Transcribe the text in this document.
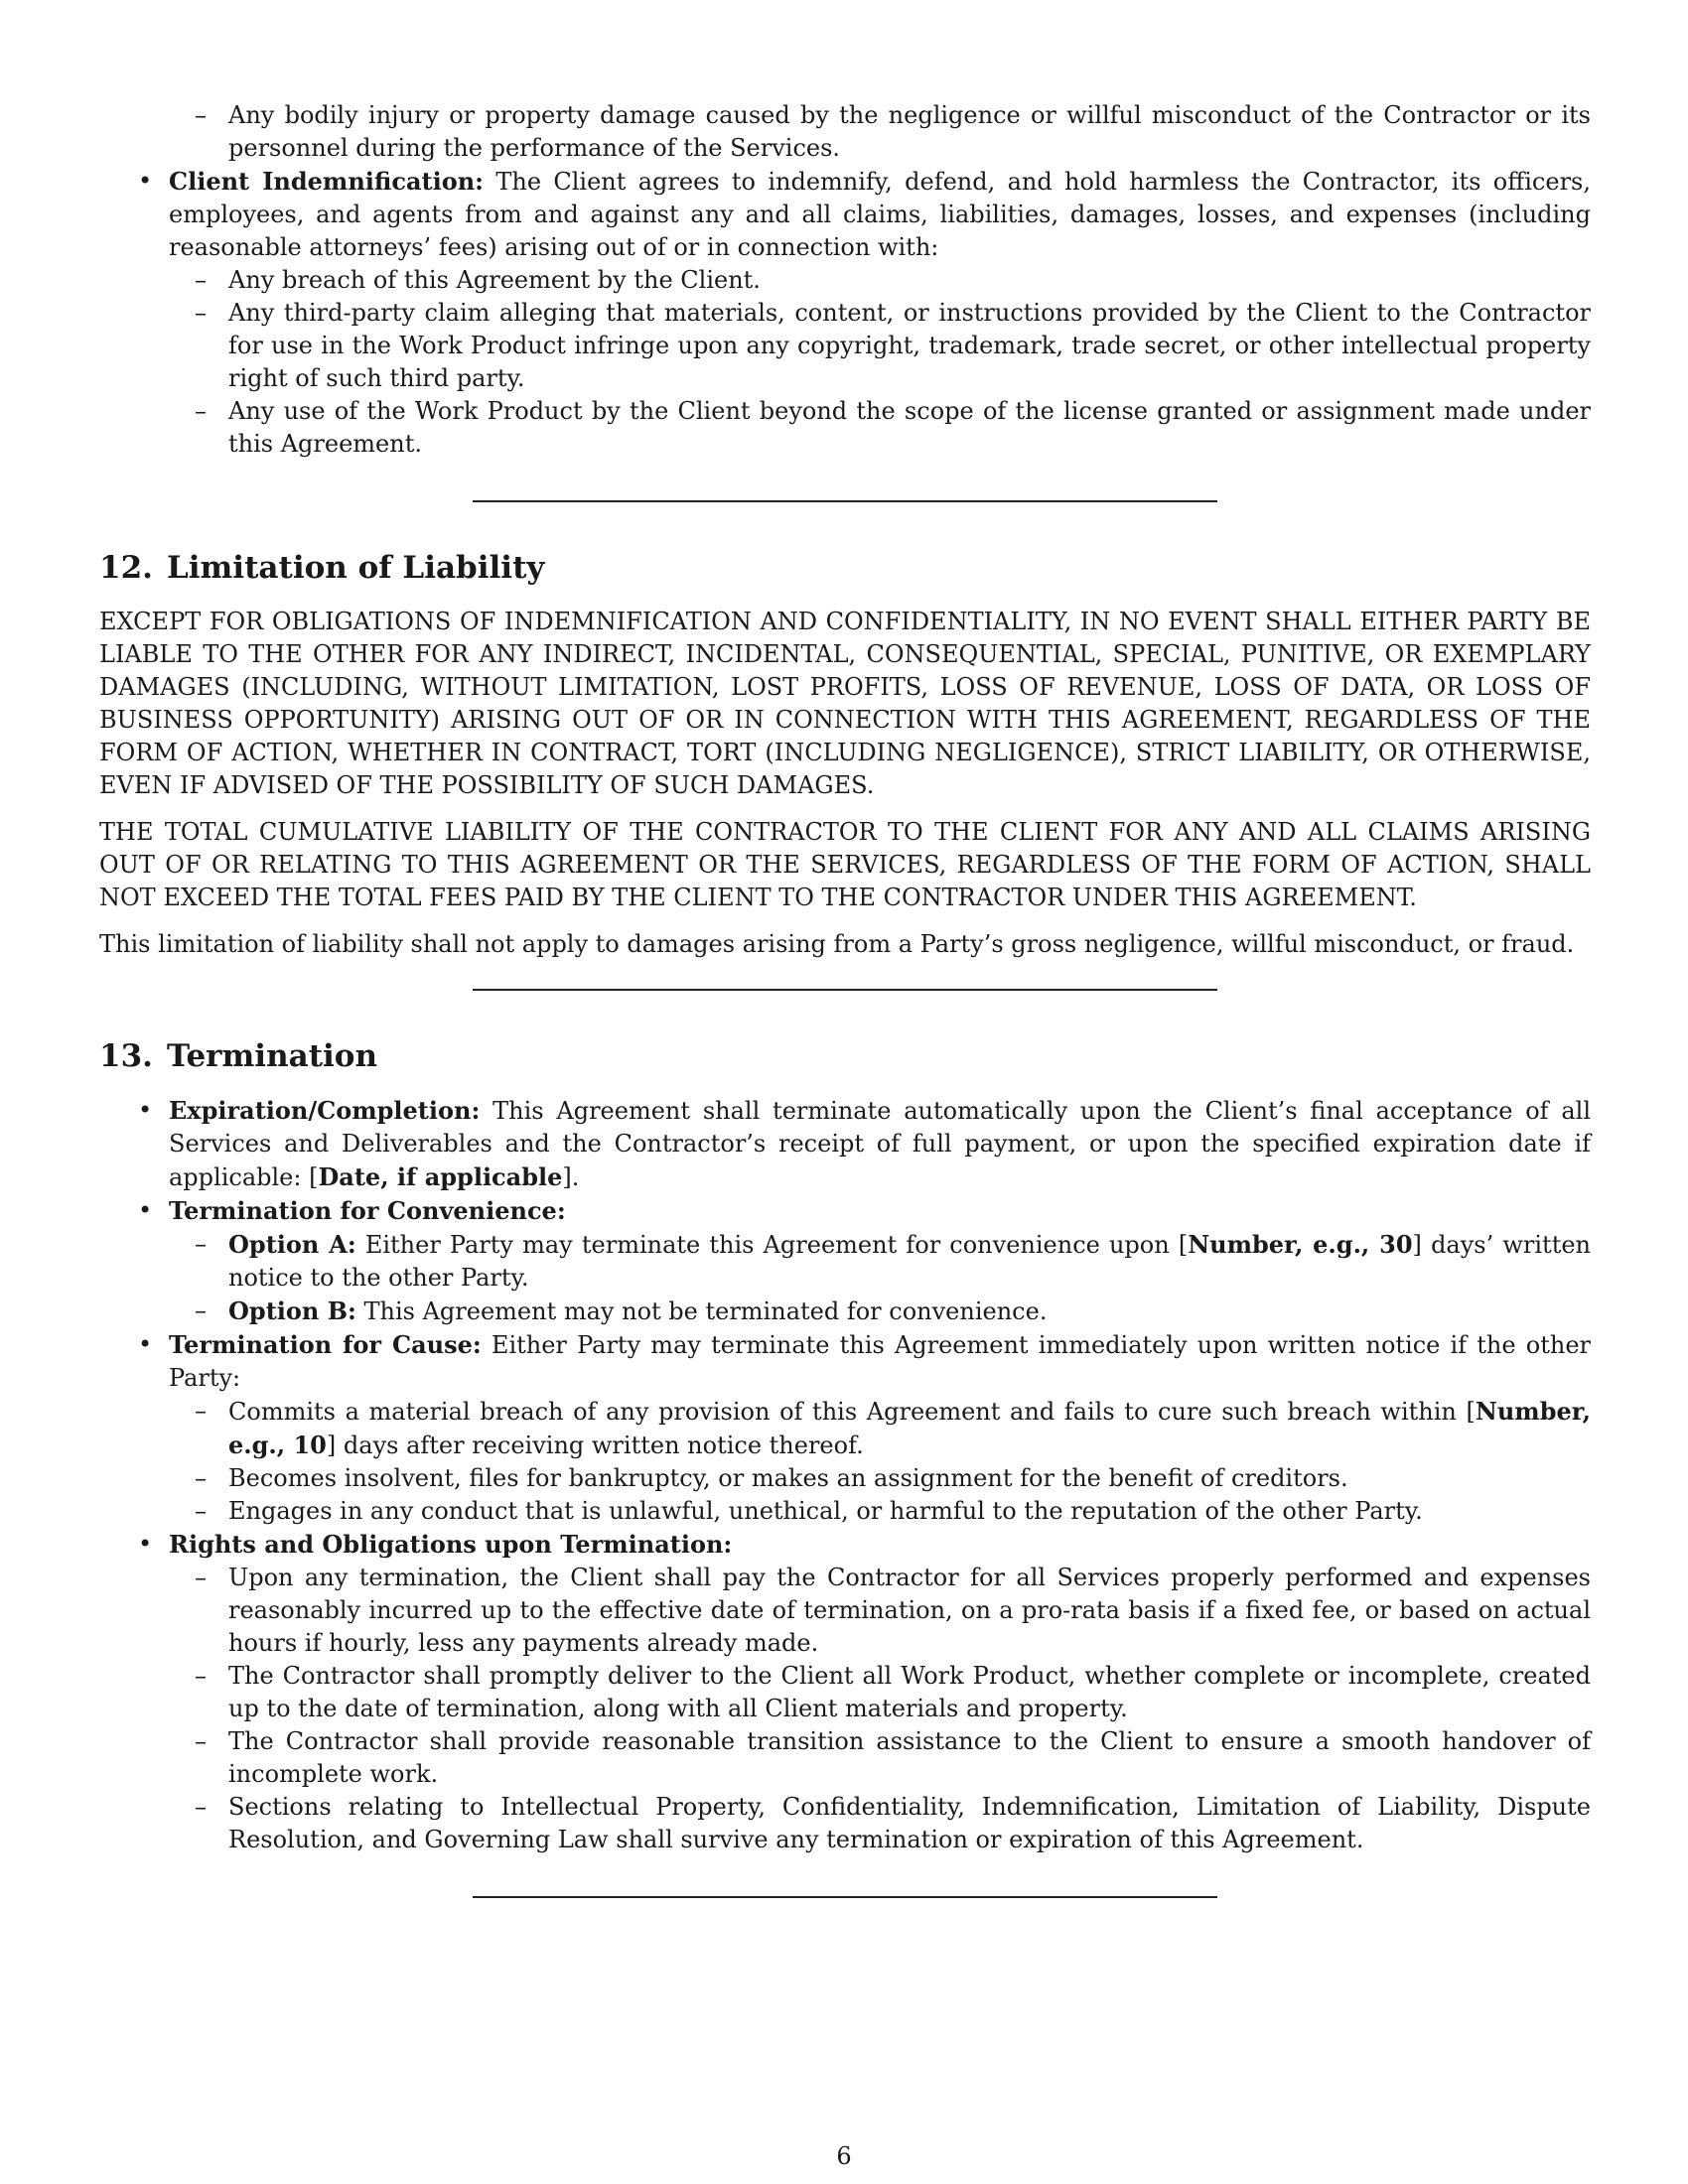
– Any bodily injury or property damage caused by the negligence or willful misconduct of the Contractor or its personnel during the performance of the Services.
• Client Indemnification: The Client agrees to indemnify, defend, and hold harmless the Contractor, its officers, employees, and agents from and against any and all claims, liabilities, damages, losses, and expenses (including reasonable attorneys’ fees) arising out of or in connection with:
– Any breach of this Agreement by the Client.
– Any third-party claim alleging that materials, content, or instructions provided by the Client to the Contractor for use in the Work Product infringe upon any copyright, trademark, trade secret, or other intellectual property right of such third party.
– Any use of the Work Product by the Client beyond the scope of the license granted or assignment made under this Agreement.
12. Limitation of Liability

EXCEPT FOR OBLIGATIONS OF INDEMNIFICATION AND CONFIDENTIALITY, IN NO EVENT SHALL EITHER PARTY BE LIABLE TO THE OTHER FOR ANY INDIRECT, INCIDENTAL, CONSEQUENTIAL, SPECIAL, PUNITIVE, OR EXEMPLARY DAMAGES (INCLUDING, WITHOUT LIMITATION, LOST PROFITS, LOSS OF REVENUE, LOSS OF DATA, OR LOSS OF BUSINESS OPPORTUNITY) ARISING OUT OF OR IN CONNECTION WITH THIS AGREEMENT, REGARDLESS OF THE FORM OF ACTION, WHETHER IN CONTRACT, TORT (INCLUDING NEGLIGENCE), STRICT LIABILITY, OR OTHERWISE, EVEN IF ADVISED OF THE POSSIBILITY OF SUCH DAMAGES.

THE TOTAL CUMULATIVE LIABILITY OF THE CONTRACTOR TO THE CLIENT FOR ANY AND ALL CLAIMS ARISING OUT OF OR RELATING TO THIS AGREEMENT OR THE SERVICES, REGARDLESS OF THE FORM OF ACTION, SHALL NOT EXCEED THE TOTAL FEES PAID BY THE CLIENT TO THE CONTRACTOR UNDER THIS AGREEMENT.

This limitation of liability shall not apply to damages arising from a Party’s gross negligence, willful misconduct, or fraud.

13. Termination
• Expiration/Completion: This Agreement shall terminate automatically upon the Client’s final acceptance of all Services and Deliverables and the Contractor’s receipt of full payment, or upon the specified expiration date if applicable: [Date, if applicable].
• Termination for Convenience:
– Option A: Either Party may terminate this Agreement for convenience upon [Number, e.g., 30] days’ written notice to the other Party.
– Option B: This Agreement may not be terminated for convenience.
• Termination for Cause: Either Party may terminate this Agreement immediately upon written notice if the other Party:
– Commits a material breach of any provision of this Agreement and fails to cure such breach within [Number, e.g., 10] days after receiving written notice thereof.
– Becomes insolvent, files for bankruptcy, or makes an assignment for the benefit of creditors.
– Engages in any conduct that is unlawful, unethical, or harmful to the reputation of the other Party.
• Rights and Obligations upon Termination:
– Upon any termination, the Client shall pay the Contractor for all Services properly performed and expenses reasonably incurred up to the effective date of termination, on a pro-rata basis if a fixed fee, or based on actual hours if hourly, less any payments already made.
– The Contractor shall promptly deliver to the Client all Work Product, whether complete or incomplete, created up to the date of termination, along with all Client materials and property.
– The Contractor shall provide reasonable transition assistance to the Client to ensure a smooth handover of incomplete work.
– Sections relating to Intellectual Property, Confidentiality, Indemnification, Limitation of Liability, Dispute Resolution, and Governing Law shall survive any termination or expiration of this Agreement.
6
